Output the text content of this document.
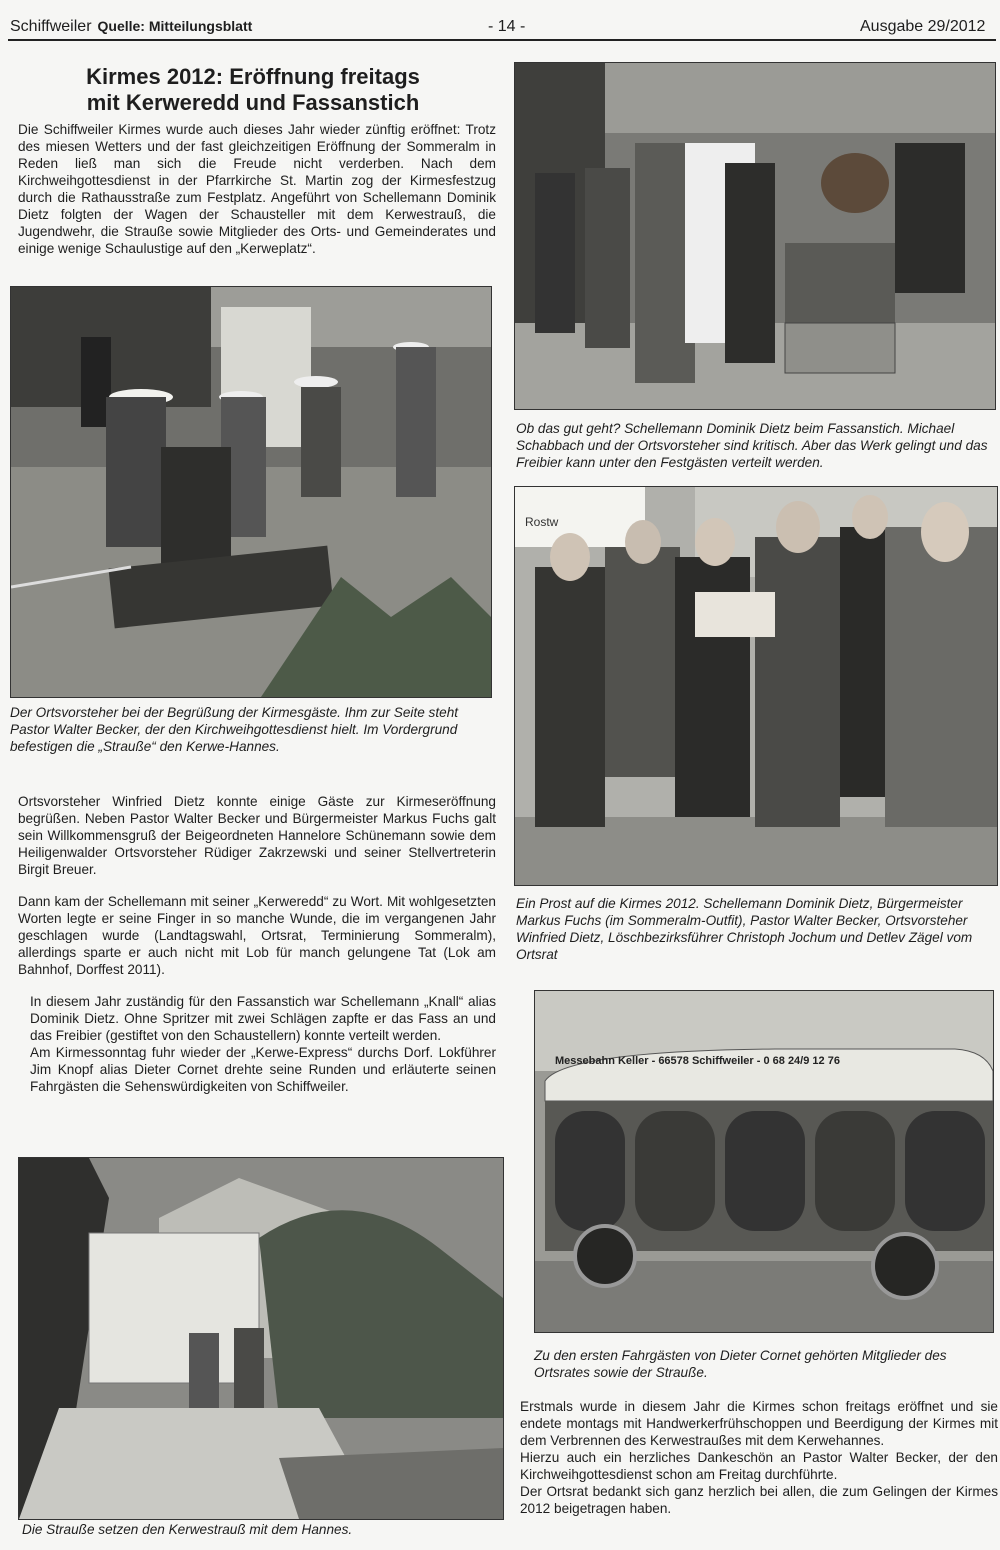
Schiffweiler Quelle: Mitteilungsblatt	- 14 -	Ausgabe 29/2012
Kirmes 2012: Eröffnung freitags
mit Kerweredd und Fassanstich

Die Schiffweiler Kirmes wurde auch dieses Jahr wieder zünftig eröffnet: Trotz des miesen Wetters und der fast gleichzeitigen Eröffnung der Sommeralm in Reden ließ man sich die Freude nicht verderben. Nach dem Kirchweihgottesdienst in der Pfarrkirche St. Martin zog der Kirmesfestzug durch die Rathausstraße zum Festplatz. Angeführt von Schellemann Dominik Dietz folgten der Wagen der Schausteller mit dem Kerwestrauß, die Jugendwehr, die Strauße sowie Mitglieder des Orts- und Gemeinderates und einige wenige Schaulustige auf den „Kerweplatz“.

Der Ortsvorsteher bei der Begrüßung der Kirmesgäste. Ihm zur Seite steht Pastor Walter Becker, der den Kirchweihgottesdienst hielt. Im Vordergrund befestigen die „Strauße“ den Kerwe-Hannes.

Ortsvorsteher Winfried Dietz konnte einige Gäste zur Kirmeseröffnung begrüßen. Neben Pastor Walter Becker und Bürgermeister Markus Fuchs galt sein Willkommensgruß der Beigeordneten Hannelore Schünemann sowie dem Heiligenwalder Ortsvorsteher Rüdiger Zakrzewski und seiner Stellvertreterin Birgit Breuer.

Dann kam der Schellemann mit seiner „Kerweredd“ zu Wort. Mit wohlgesetzten Worten legte er seine Finger in so manche Wunde, die im vergangenen Jahr geschlagen wurde (Landtagswahl, Ortsrat, Terminierung Sommeralm), allerdings sparte er auch nicht mit Lob für manch gelungene Tat (Lok am Bahnhof, Dorffest 2011).

In diesem Jahr zuständig für den Fassanstich war Schellemann „Knall“ alias Dominik Dietz. Ohne Spritzer mit zwei Schlägen zapfte er das Fass an und das Freibier (gestiftet von den Schaustellern) konnte verteilt werden.
Am Kirmessonntag fuhr wieder der „Kerwe-Express“ durchs Dorf. Lokführer Jim Knopf alias Dieter Cornet drehte seine Runden und erläuterte seinen Fahrgästen die Sehenswürdigkeiten von Schiffweiler.

Die Strauße setzen den Kerwestrauß mit dem Hannes.

Ob das gut geht? Schellemann Dominik Dietz beim Fassanstich. Michael Schabbach und der Ortsvorsteher sind kritisch. Aber das Werk gelingt und das Freibier kann unter den Festgästen verteilt werden.

Rostw

Ein Prost auf die Kirmes 2012. Schellemann Dominik Dietz, Bürgermeister Markus Fuchs (im Sommeralm-Outfit), Pastor Walter Becker, Ortsvorsteher Winfried Dietz, Löschbezirksführer Christoph Jochum und Detlev Zägel vom Ortsrat

Messebahn Keller - 66578 Schiffweiler - 0 68 24/9 12 76

Zu den ersten Fahrgästen von Dieter Cornet gehörten Mitglieder des Ortsrates sowie der Strauße.

Erstmals wurde in diesem Jahr die Kirmes schon freitags eröffnet und sie endete montags mit Handwerkerfrühschoppen und Beerdigung der Kirmes mit dem Verbrennen des Kerwestraußes mit dem Kerwehannes.
Hierzu auch ein herzliches Dankeschön an Pastor Walter Becker, der den Kirchweihgottesdienst schon am Freitag durchführte.
Der Ortsrat bedankt sich ganz herzlich bei allen, die zum Gelingen der Kirmes 2012 beigetragen haben.
